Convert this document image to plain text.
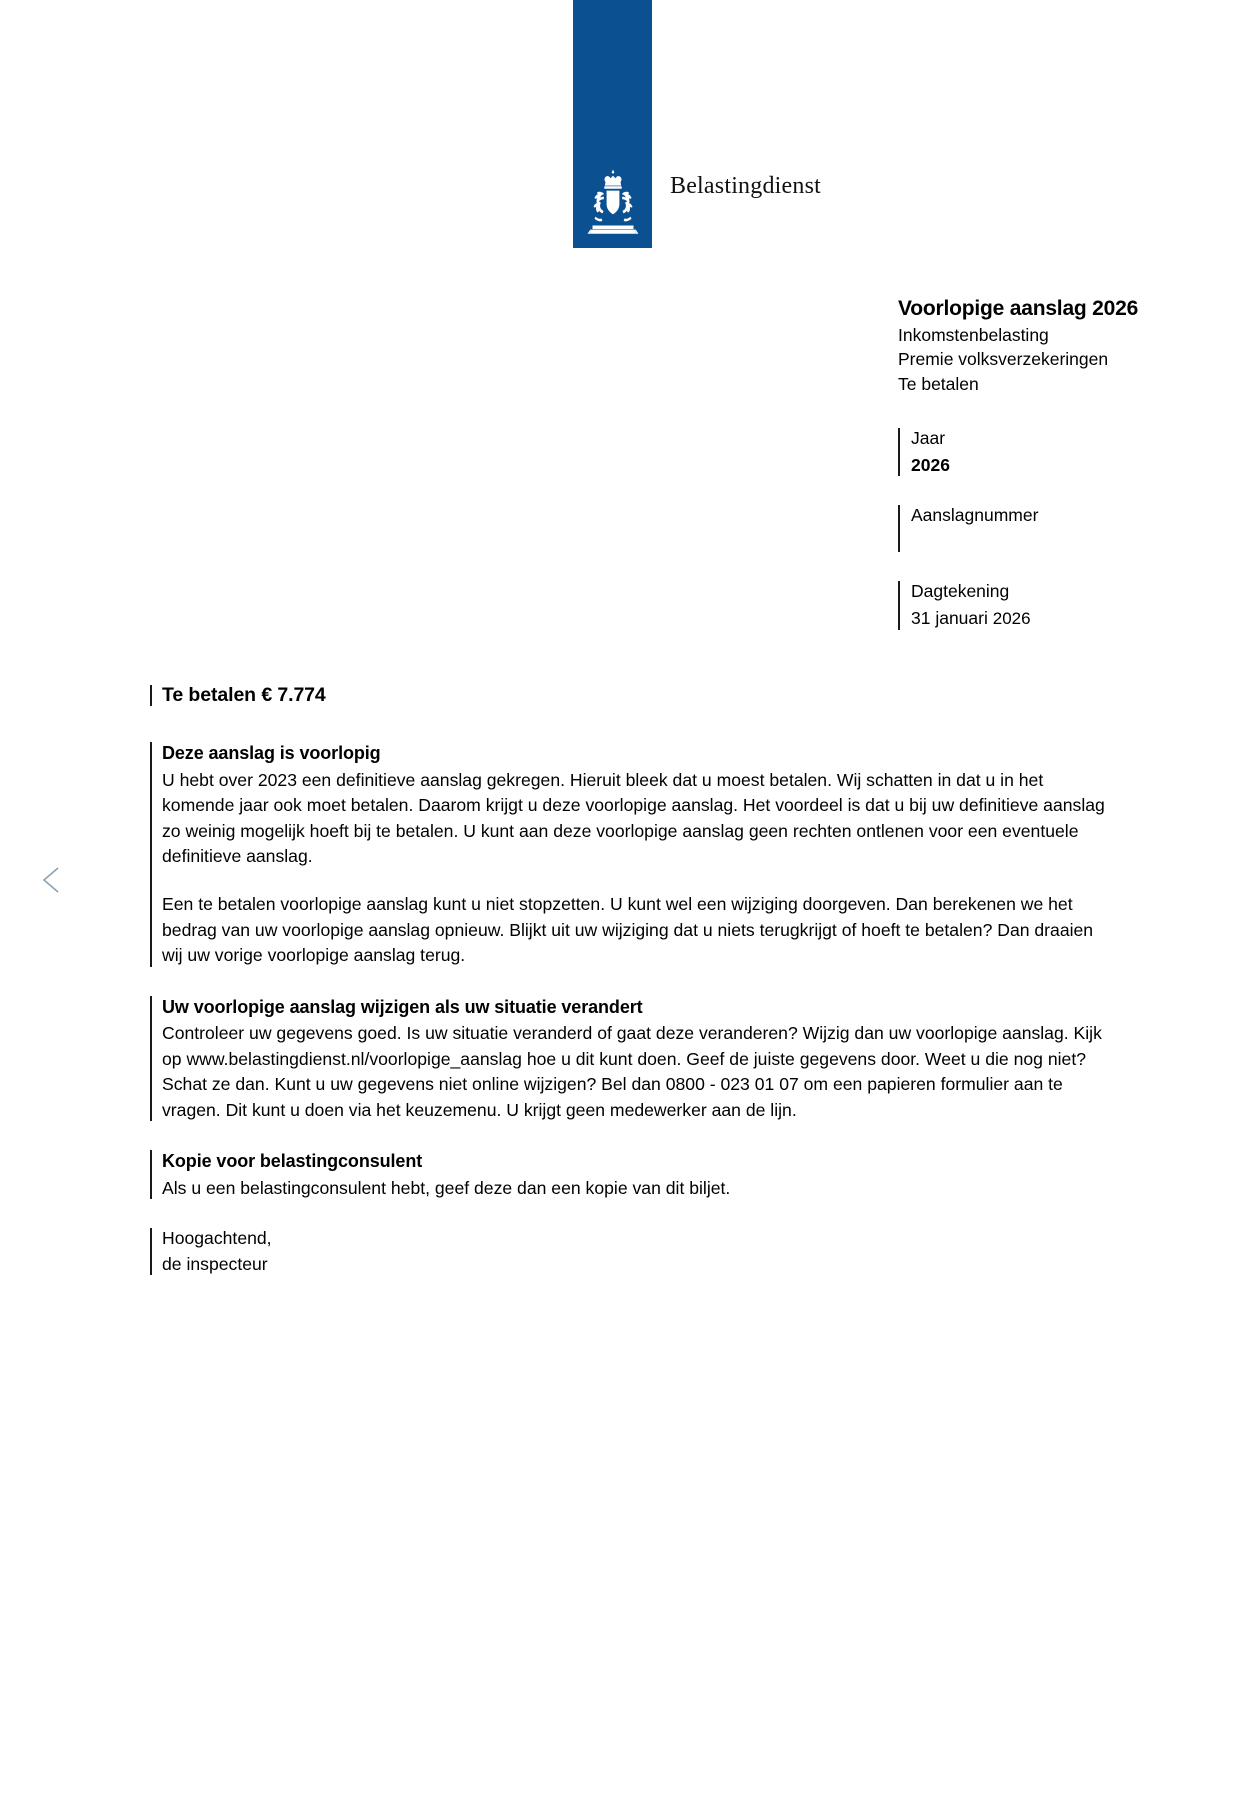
Belastingdienst
Voorlopige aanslag 2026
Inkomstenbelasting
Premie volksverzekeringen
Te betalen
Jaar
2026
Aanslagnummer
Dagtekening
31 januari 2026
Te betalen € 7.774
Deze aanslag is voorlopig

U hebt over 2023 een definitieve aanslag gekregen. Hieruit bleek dat u moest betalen. Wij schatten in dat u in het komende jaar ook moet betalen. Daarom krijgt u deze voorlopige aanslag. Het voordeel is dat u bij uw definitieve aanslag zo weinig mogelijk hoeft bij te betalen. U kunt aan deze voorlopige aanslag geen rechten ontlenen voor een eventuele definitieve aanslag.

Een te betalen voorlopige aanslag kunt u niet stopzetten. U kunt wel een wijziging doorgeven. Dan berekenen we het bedrag van uw voorlopige aanslag opnieuw. Blijkt uit uw wijziging dat u niets terugkrijgt of hoeft te betalen? Dan draaien wij uw vorige voorlopige aanslag terug.

Uw voorlopige aanslag wijzigen als uw situatie verandert

Controleer uw gegevens goed. Is uw situatie veranderd of gaat deze veranderen? Wijzig dan uw voorlopige aanslag. Kijk op www.belastingdienst.nl/voorlopige_aanslag hoe u dit kunt doen. Geef de juiste gegevens door. Weet u die nog niet? Schat ze dan. Kunt u uw gegevens niet online wijzigen? Bel dan 0800 - 023 01 07 om een papieren formulier aan te vragen. Dit kunt u doen via het keuzemenu. U krijgt geen medewerker aan de lijn.

Kopie voor belastingconsulent

Als u een belastingconsulent hebt, geef deze dan een kopie van dit biljet.

Hoogachtend,

de inspecteur
